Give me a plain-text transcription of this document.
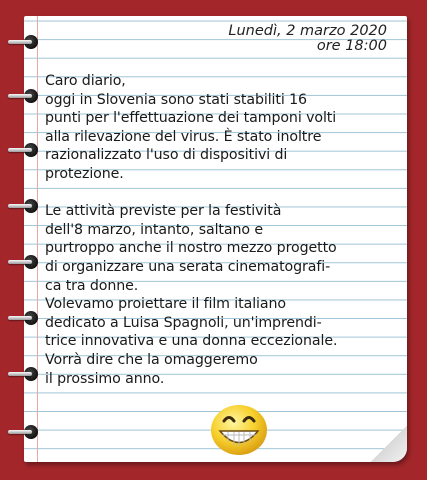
Lunedì, 2 marzo 2020
ore 18:00
Caro diario,
oggi in Slovenia sono stati stabiliti 16
punti per l'effettuazione dei tamponi volti
alla rilevazione del virus. È stato inoltre
razionalizzato l'uso di dispositivi di
protezione.
Le attività previste per la festività
dell'8 marzo, intanto, saltano e
purtroppo anche il nostro mezzo progetto
di organizzare una serata cinematografi-
ca tra donne.
Volevamo proiettare il film italiano
dedicato a Luisa Spagnoli, un'imprendi-
trice innovativa e una donna eccezionale.
Vorrà dire che la omaggeremo
il prossimo anno.
